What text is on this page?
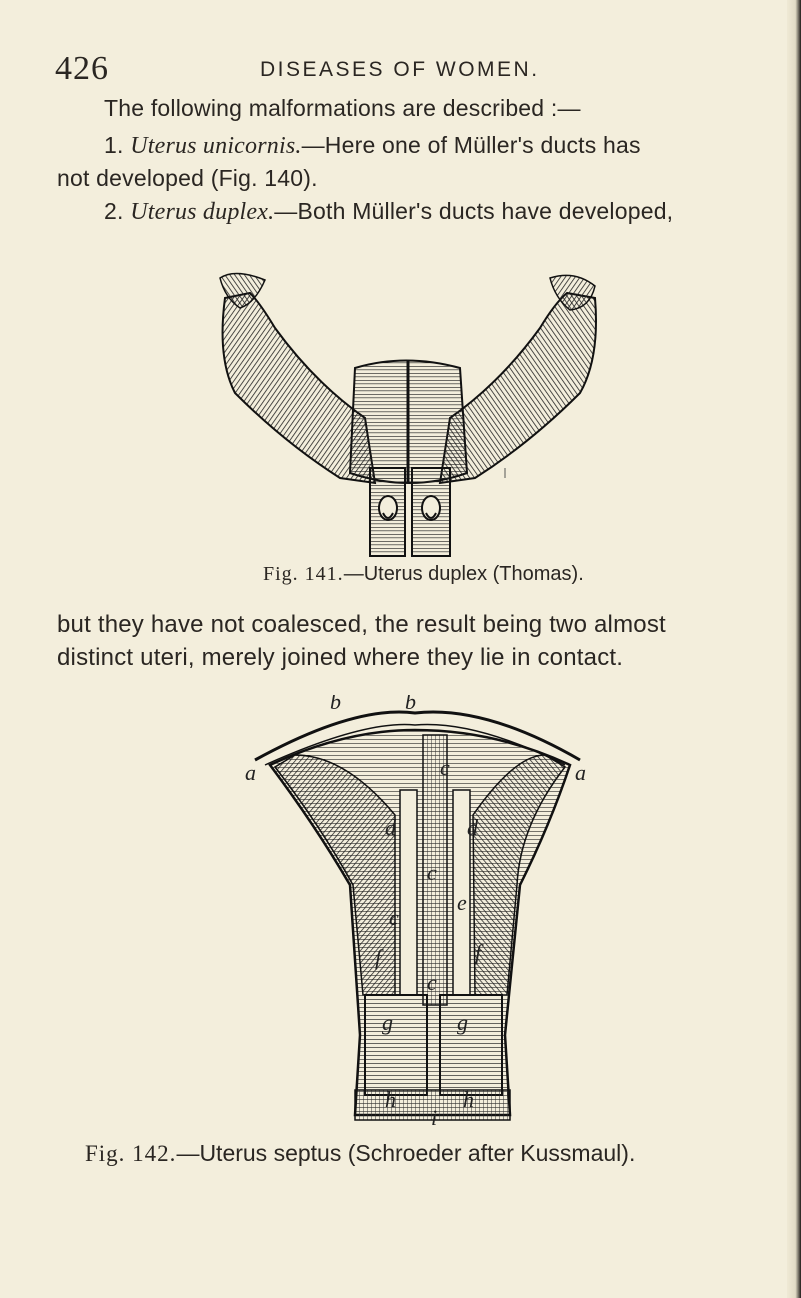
426	DISEASES OF WOMEN.
The following malformations are described :—
1. Uterus unicornis.—Here one of Müller's ducts has
not developed (Fig. 140).
2. Uterus duplex.—Both Müller's ducts have developed,
Fig. 141.—Uterus duplex (Thomas).
but they have not coalesced, the result being two almost
distinct uteri, merely joined where they lie in contact.
b	b
a	a
c
d	d
c
c
e
f	f
c
g	g
h	h
i
Fig. 142.—Uterus septus (Schroeder after Kussmaul).
